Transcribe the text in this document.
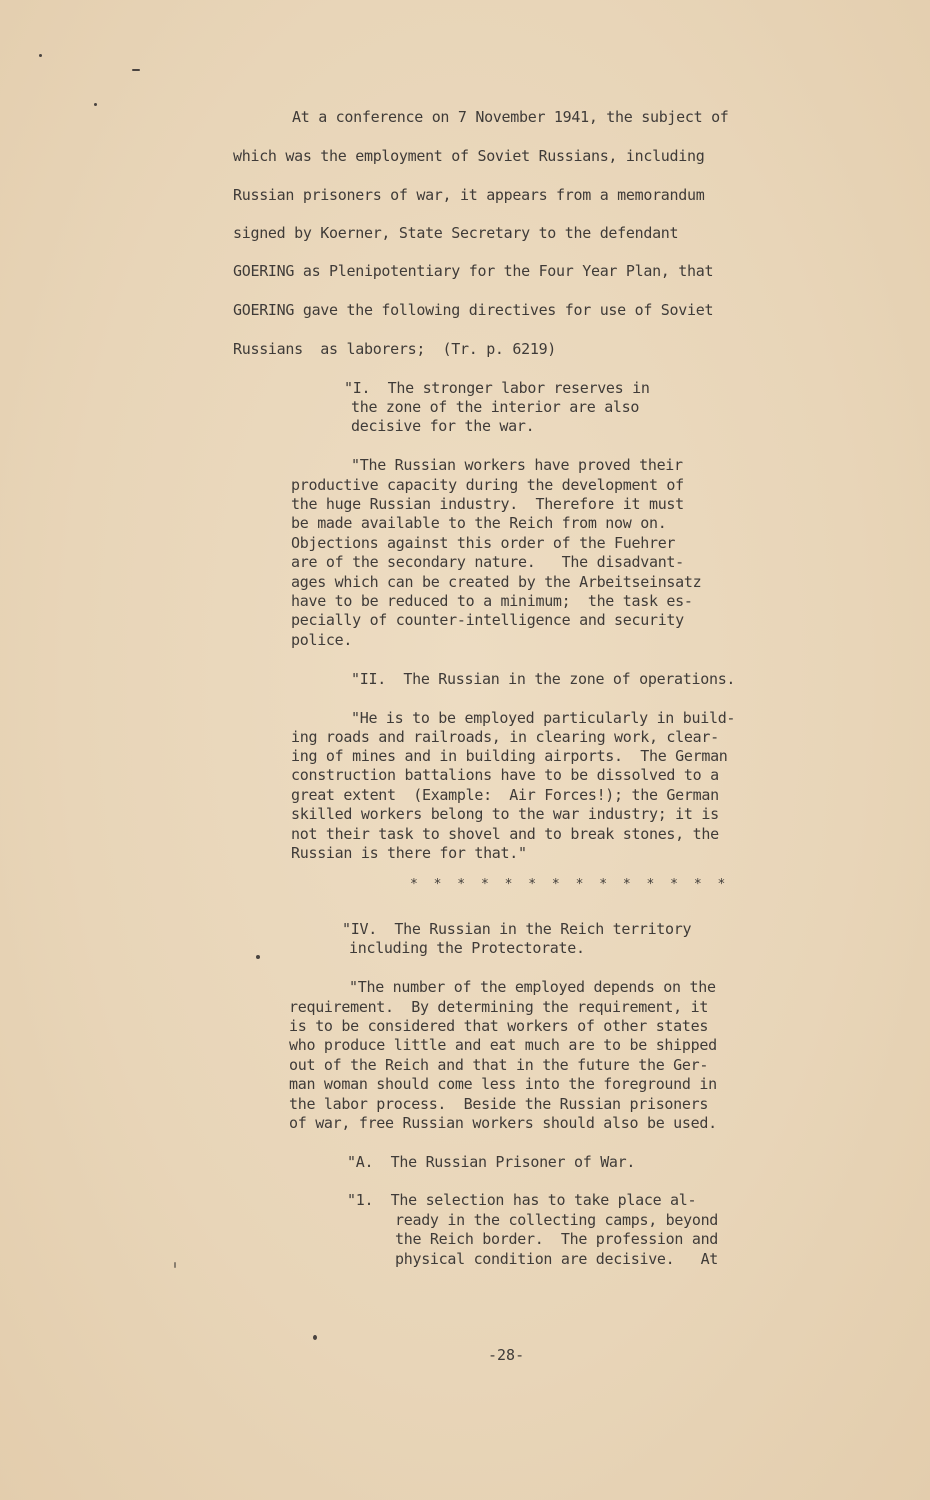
At a conference on 7 November 1941, the subject of
which was the employment of Soviet Russians, including
Russian prisoners of war, it appears from a memorandum
signed by Koerner, State Secretary to the defendant
GOERING as Plenipotentiary for the Four Year Plan, that
GOERING gave the following directives for use of Soviet
Russians  as laborers;  (Tr. p. 6219)
"I.  The stronger labor reserves in
the zone of the interior are also
decisive for the war.
"The Russian workers have proved their
productive capacity during the development of
the huge Russian industry.  Therefore it must
be made available to the Reich from now on.
Objections against this order of the Fuehrer
are of the secondary nature.   The disadvant-
ages which can be created by the Arbeitseinsatz
have to be reduced to a minimum;  the task es-
pecially of counter-intelligence and security
police.
"II.  The Russian in the zone of operations.
"He is to be employed particularly in build-
ing roads and railroads, in clearing work, clear-
ing of mines and in building airports.  The German
construction battalions have to be dissolved to a
great extent  (Example:  Air Forces!); the German
skilled workers belong to the war industry; it is
not their task to shovel and to break stones, the
Russian is there for that."
* * * * * * * * * * * * * *
"IV.  The Russian in the Reich territory
including the Protectorate.
"The number of the employed depends on the
requirement.  By determining the requirement, it
is to be considered that workers of other states
who produce little and eat much are to be shipped
out of the Reich and that in the future the Ger-
man woman should come less into the foreground in
the labor process.  Beside the Russian prisoners
of war, free Russian workers should also be used.
"A.  The Russian Prisoner of War.
"1.  The selection has to take place al-
ready in the collecting camps, beyond
the Reich border.  The profession and
physical condition are decisive.   At
-28-
